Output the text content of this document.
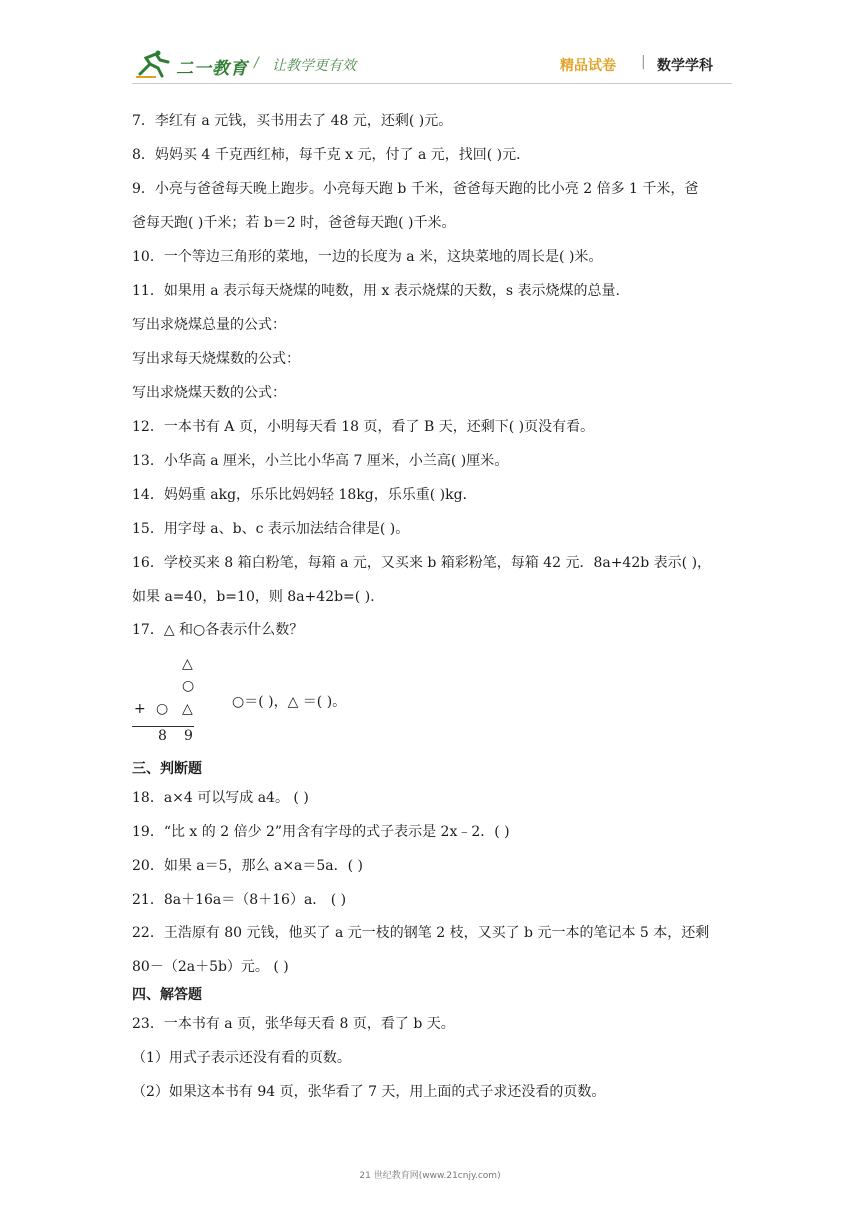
二一教育 / 让教学更有效	精品试卷 | 数学学科
7．李红有 a 元钱，买书用去了 48 元，还剩( )元。
8．妈妈买 4 千克西红柿，每千克 x 元，付了 a 元，找回( )元．
9．小亮与爸爸每天晚上跑步。小亮每天跑 b 千米，爸爸每天跑的比小亮 2 倍多 1 千米，爸
爸每天跑( )千米；若 b＝2 时，爸爸每天跑( )千米。
10．一个等边三角形的菜地，一边的长度为 a 米，这块菜地的周长是( )米。
11．如果用 a 表示每天烧煤的吨数，用 x 表示烧煤的天数，s 表示烧煤的总量.
写出求烧煤总量的公式：
写出求每天烧煤数的公式：
写出求烧煤天数的公式：
12．一本书有 A 页，小明每天看 18 页，看了 B 天，还剩下( )页没有看。
13．小华高 a 厘米，小兰比小华高 7 厘米，小兰高( )厘米。
14．妈妈重 akg，乐乐比妈妈轻 18kg，乐乐重( )kg．
15．用字母 a、b、c 表示加法结合律是( )。
16．学校买来 8 箱白粉笔，每箱 a 元，又买来 b 箱彩粉笔，每箱 42 元．8a+42b 表示( )，
如果 a=40，b=10，则 8a+42b=( ).
17．△ 和○各表示什么数？
△
○
+ ○ △
8 9
○＝( )，△ ＝( )。
三、判断题
18．a×4 可以写成 a4。 ( )
19．“比 x 的 2 倍少 2”用含有字母的式子表示是 2x﹣2．( )
20．如果 a＝5，那么 a×a＝5a．( )
21．8a＋16a＝（8＋16）a． ( )
22．王浩原有 80 元钱，他买了 a 元一枝的钢笔 2 枝，又买了 b 元一本的笔记本 5 本，还剩
80－（2a＋5b）元。 ( )
四、解答题
23．一本书有 a 页，张华每天看 8 页，看了 b 天。
（1）用式子表示还没有看的页数。
（2）如果这本书有 94 页，张华看了 7 天，用上面的式子求还没看的页数。
21 世纪教育网(www.21cnjy.com)
